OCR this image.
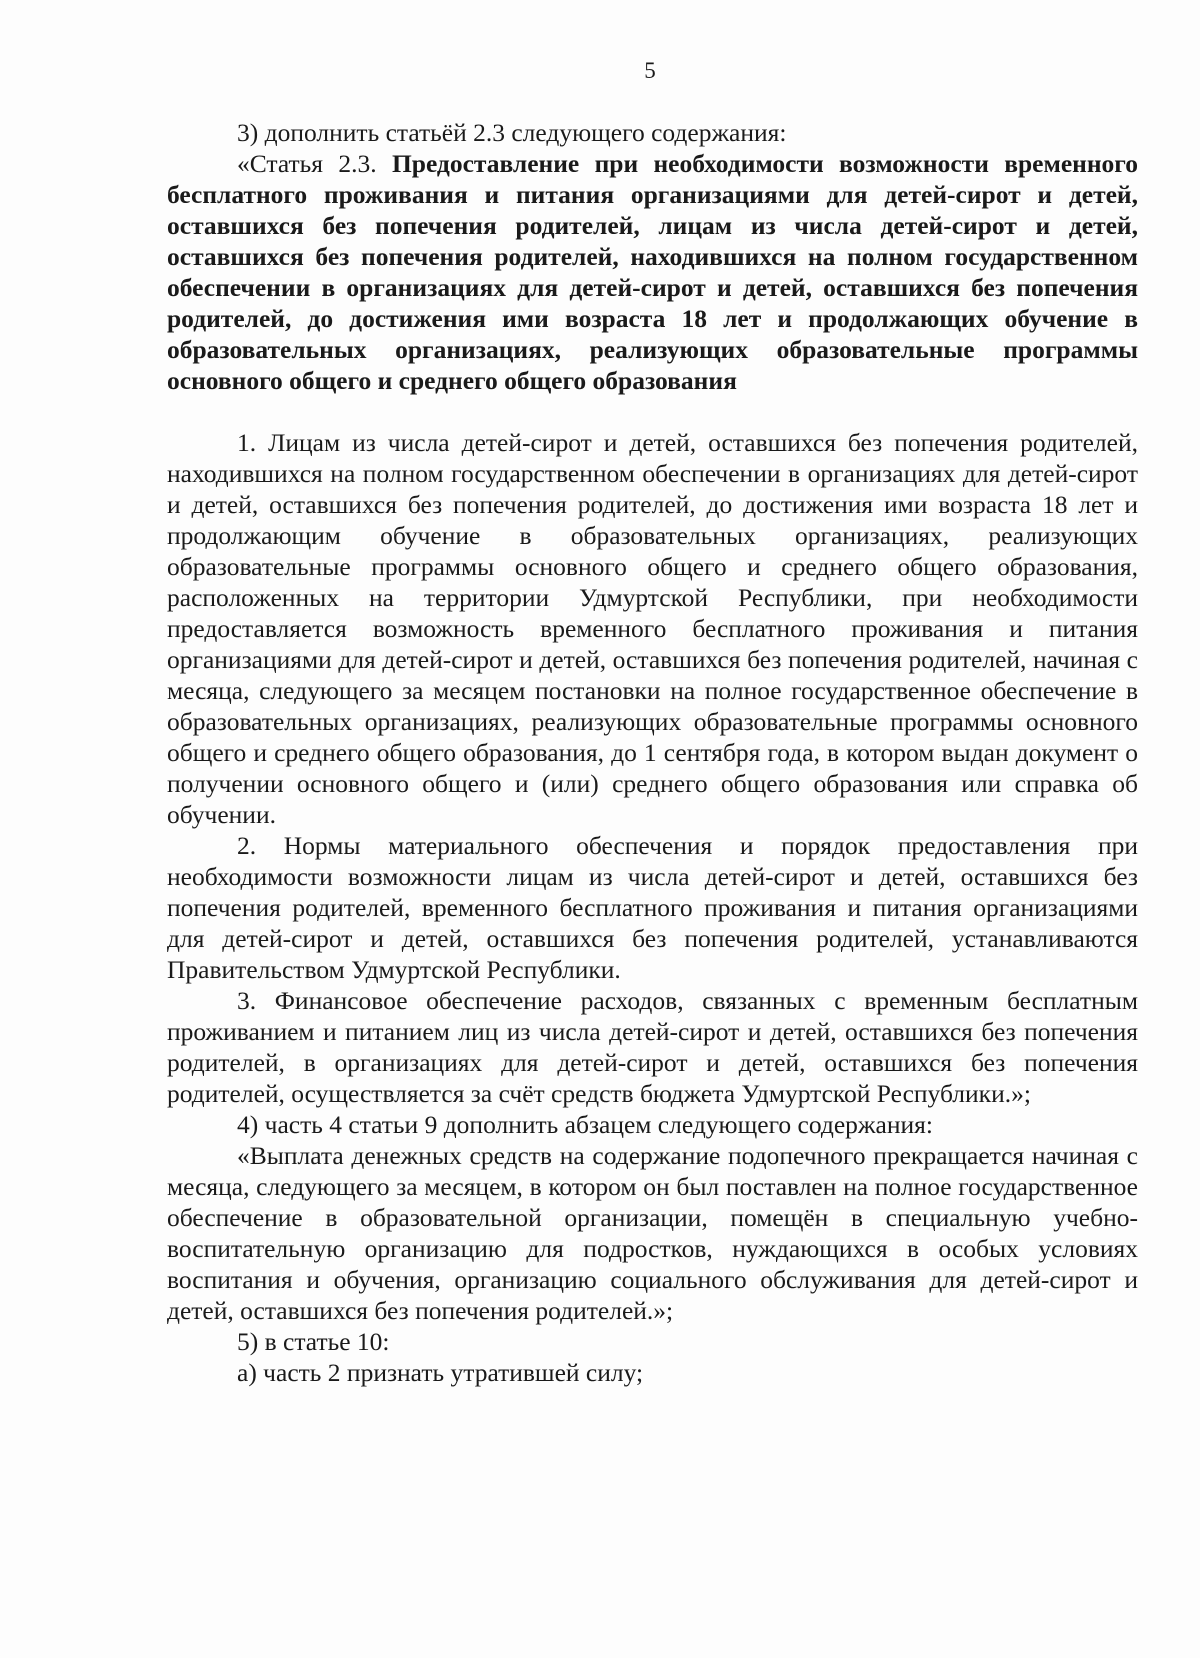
5

3) дополнить статьёй 2.3 следующего содержания:

«Статья 2.3. Предоставление при необходимости возможности временного бесплатного проживания и питания организациями для детей-сирот и детей, оставшихся без попечения родителей, лицам из числа детей-сирот и детей, оставшихся без попечения родителей, находившихся на полном государственном обеспечении в организациях для детей-сирот и детей, оставшихся без попечения родителей, до достижения ими возраста 18 лет и продолжающих обучение в образовательных организациях, реализующих образовательные программы основного общего и среднего общего образования

1. Лицам из числа детей-сирот и детей, оставшихся без попечения родителей, находившихся на полном государственном обеспечении в организациях для детей-сирот и детей, оставшихся без попечения родителей, до достижения ими возраста 18 лет и продолжающим обучение в образовательных организациях, реализующих образовательные программы основного общего и среднего общего образования, расположенных на территории Удмуртской Республики, при необходимости предоставляется возможность временного бесплатного проживания и питания организациями для детей-сирот и детей, оставшихся без попечения родителей, начиная с месяца, следующего за месяцем постановки на полное государственное обеспечение в образовательных организациях, реализующих образовательные программы основного общего и среднего общего образования, до 1 сентября года, в котором выдан документ о получении основного общего и (или) среднего общего образования или справка об обучении.

2. Нормы материального обеспечения и порядок предоставления при необходимости возможности лицам из числа детей-сирот и детей, оставшихся без попечения родителей, временного бесплатного проживания и питания организациями для детей-сирот и детей, оставшихся без попечения родителей, устанавливаются Правительством Удмуртской Республики.

3. Финансовое обеспечение расходов, связанных с временным бесплатным проживанием и питанием лиц из числа детей-сирот и детей, оставшихся без попечения родителей, в организациях для детей-сирот и детей, оставшихся без попечения родителей, осуществляется за счёт средств бюджета Удмуртской Республики.»;

4) часть 4 статьи 9 дополнить абзацем следующего содержания:

«Выплата денежных средств на содержание подопечного прекращается начиная с месяца, следующего за месяцем, в котором он был поставлен на полное государственное обеспечение в образовательной организации, помещён в специальную учебно-воспитательную организацию для подростков, нуждающихся в особых условиях воспитания и обучения, организацию социального обслуживания для детей-сирот и детей, оставшихся без попечения родителей.»;

5) в статье 10:

а) часть 2 признать утратившей силу;
